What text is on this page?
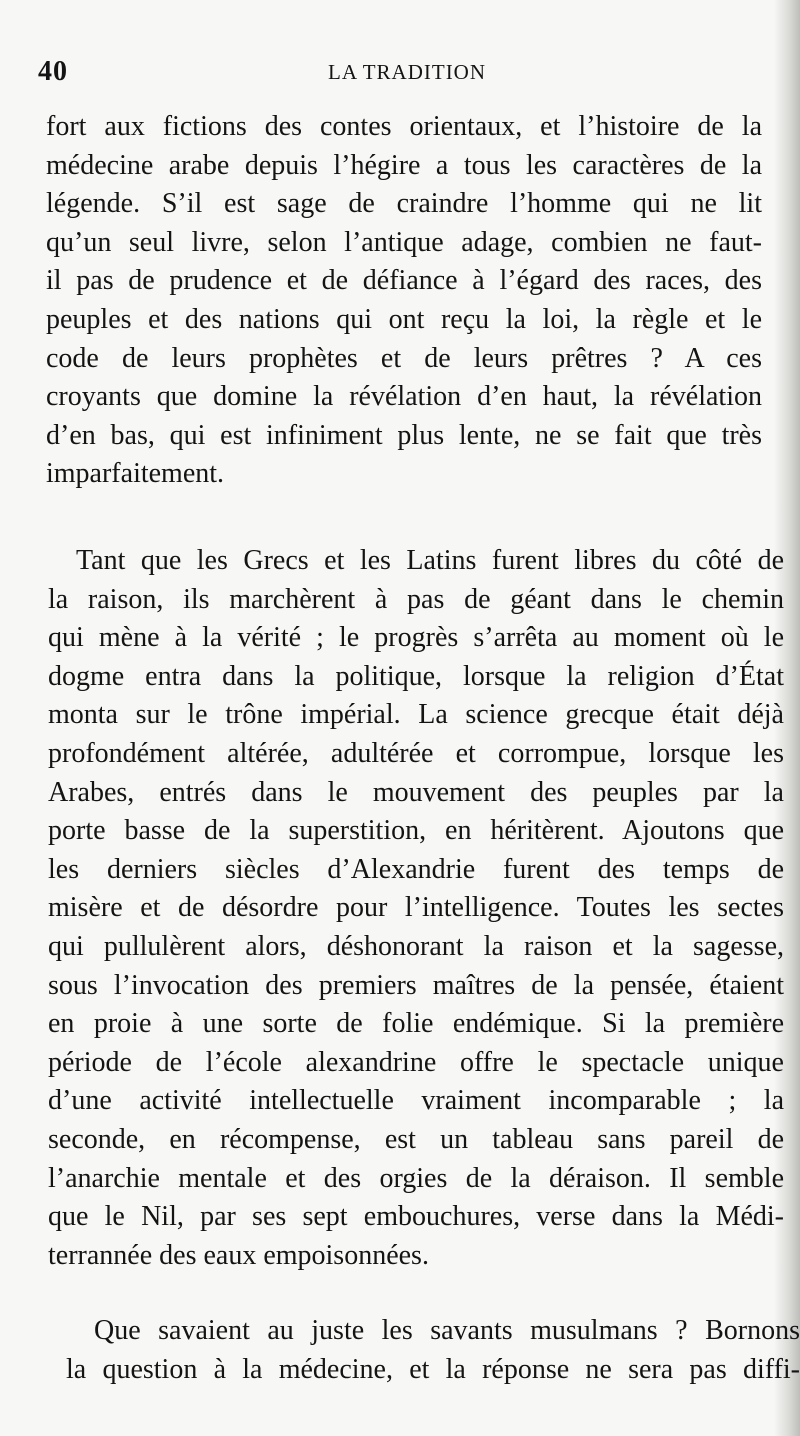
40	LA TRADITION
fort aux fictions des contes orientaux, et l’histoire de la
médecine arabe depuis l’hégire a tous les caractères de la
légende. S’il est sage de craindre l’homme qui ne lit
qu’un seul livre, selon l’antique adage, combien ne faut-
il pas de prudence et de défiance à l’égard des races, des
peuples et des nations qui ont reçu la loi, la règle et le
code de leurs prophètes et de leurs prêtres ? A ces
croyants que domine la révélation d’en haut, la révélation
d’en bas, qui est infiniment plus lente, ne se fait que très
imparfaitement.
Tant que les Grecs et les Latins furent libres du côté de
la raison, ils marchèrent à pas de géant dans le chemin
qui mène à la vérité ; le progrès s’arrêta au moment où le
dogme entra dans la politique, lorsque la religion d’État
monta sur le trône impérial. La science grecque était déjà
profondément altérée, adultérée et corrompue, lorsque les
Arabes, entrés dans le mouvement des peuples par la
porte basse de la superstition, en héritèrent. Ajoutons que
les derniers siècles d’Alexandrie furent des temps de
misère et de désordre pour l’intelligence. Toutes les sectes
qui pullulèrent alors, déshonorant la raison et la sagesse,
sous l’invocation des premiers maîtres de la pensée, étaient
en proie à une sorte de folie endémique. Si la première
période de l’école alexandrine offre le spectacle unique
d’une activité intellectuelle vraiment incomparable ; la
seconde, en récompense, est un tableau sans pareil de
l’anarchie mentale et des orgies de la déraison. Il semble
que le Nil, par ses sept embouchures, verse dans la Médi-
terrannée des eaux empoisonnées.
Que savaient au juste les savants musulmans ? Bornons
la question à la médecine, et la réponse ne sera pas diffi-
